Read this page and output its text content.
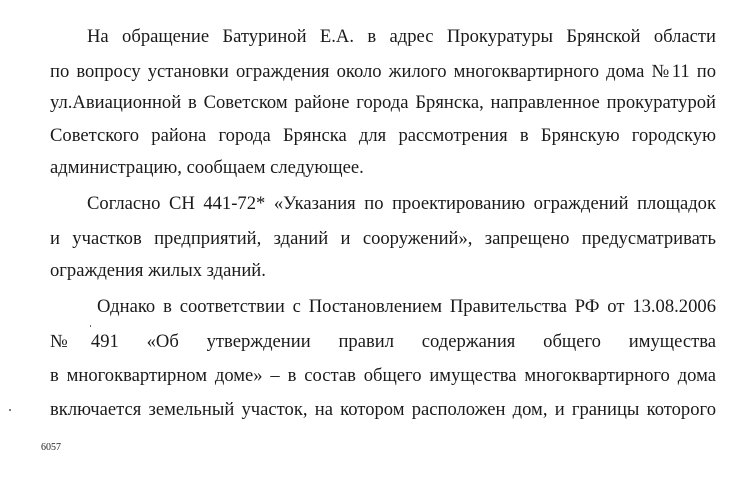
На обращение Батуриной Е.А. в адрес Прокуратуры Брянской области

по вопросу установки ограждения около жилого многоквартирного дома №11 по

ул.Авиационной в Советском районе города Брянска, направленное прокуратурой

Советского района города Брянска для рассмотрения в Брянскую городскую

администрацию, сообщаем следующее.

Согласно СН 441-72* «Указания по проектированию ограждений площадок

и участков предприятий, зданий и сооружений», запрещено предусматривать

ограждения жилых зданий.

Однако в соответствии с Постановлением Правительства РФ от 13.08.2006

№491 «Об утверждении правил содержания общего имущества

в многоквартирном доме» – в состав общего имущества многоквартирного дома

включается земельный участок, на котором расположен дом, и границы которого

6057
